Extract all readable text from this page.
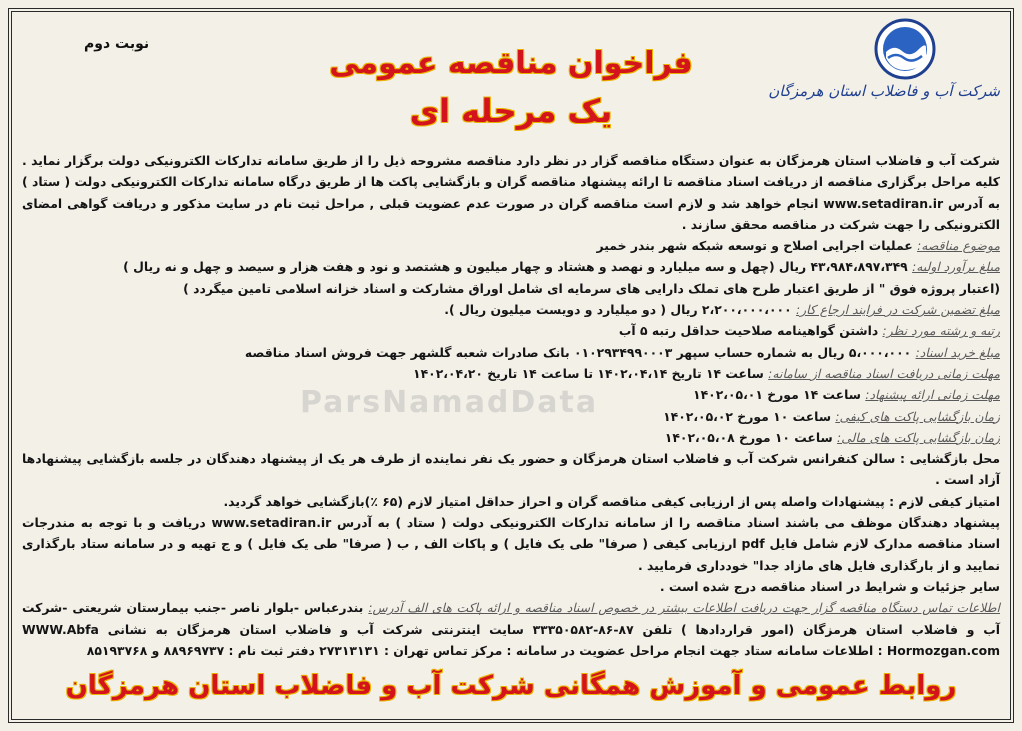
شرکت آب و فاضلاب استان هرمزگان
نوبت دوم
فراخوان مناقصه عمومی
یک مرحله ای

شرکت آب و فاضلاب استان هرمزگان به عنوان دستگاه مناقصه گزار در نظر دارد مناقصه مشروحه ذیل را از طریق سامانه تدارکات الکترونیکی دولت برگزار نماید . کلیه مراحل برگزاری مناقصه از دریافت اسناد مناقصه تا ارائه پیشنهاد مناقصه گران و بازگشایی پاکت ها از طریق درگاه سامانه تدارکات الکترونیکی دولت ( ستاد ) به آدرس www.setadiran.ir انجام خواهد شد و لازم است مناقصه گران در صورت عدم عضویت قبلی , مراحل ثبت نام در سایت مذکور و دریافت گواهی امضای الکترونیکی را جهت شرکت در مناقصه محقق سازند .

موضوع مناقصه: عملیات اجرایی اصلاح و توسعه شبکه شهر بندر خمیر

مبلغ برآورد اولیه: ۴۳،۹۸۴،۸۹۷،۳۴۹ ریال (چهل و سه میلیارد و نهصد و هشتاد و چهار میلیون و هشتصد و نود و هفت هزار و سیصد و چهل و نه ریال )

(اعتبار پروژه فوق " از طریق اعتبار طرح های تملک دارایی های سرمایه ای شامل اوراق مشارکت و اسناد خزانه اسلامی تامین میگردد )

مبلغ تضمین شرکت در فرایند ارجاع کار: ۲،۲۰۰،۰۰۰،۰۰۰ ریال ( دو میلیارد و دویست میلیون ریال ).

رتبه و رشته مورد نظر: داشتن گواهینامه صلاحیت حداقل رتبه ۵ آب

مبلغ خرید اسناد: ۵،۰۰۰،۰۰۰ ریال به شماره حساب سپهر ۰۱۰۲۹۳۴۹۹۰۰۰۳ بانک صادرات شعبه گلشهر جهت فروش اسناد مناقصه

مهلت زمانی دریافت اسناد مناقصه از سامانه: ساعت ۱۴ تاریخ ۱۴۰۲،۰۴،۱۴ تا ساعت ۱۴ تاریخ ۱۴۰۲،۰۴،۲۰

مهلت زمانی ارائه پیشنهاد: ساعت ۱۴ مورخ ۱۴۰۲،۰۵،۰۱

زمان بازگشایی پاکت های کیفی: ساعت ۱۰ مورخ ۱۴۰۲،۰۵،۰۲

زمان بازگشایی پاکت های مالی: ساعت ۱۰ مورخ ۱۴۰۲،۰۵،۰۸

محل بازگشایی : سالن کنفرانس شرکت آب و فاضلاب استان هرمزگان و حضور یک نفر نماینده از طرف هر یک از پیشنهاد دهندگان در جلسه بازگشایی پیشنهادها آزاد است .

امتیاز کیفی لازم : پیشنهادات واصله پس از ارزیابی کیفی مناقصه گران و احراز حداقل امتیاز لازم (۶۵ ٪)بازگشایی خواهد گردید.

پیشنهاد دهندگان موظف می باشند اسناد مناقصه را از سامانه تدارکات الکترونیکی دولت ( ستاد ) به آدرس www.setadiran.ir دریافت و با توجه به مندرجات اسناد مناقصه مدارک لازم شامل فایل pdf ارزیابی کیفی ( صرفا" طی یک فایل ) و پاکات الف , ب ( صرفا" طی یک فایل ) و ج تهیه و در سامانه ستاد بارگذاری نمایید و از بارگذاری فایل های مازاد جدا" خودداری فرمایید .

سایر جزئیات و شرایط در اسناد مناقصه درج شده است .

اطلاعات تماس دستگاه مناقصه گزار جهت دریافت اطلاعات بیشتر در خصوص اسناد مناقصه و ارائه پاکت های الف آدرس: بندرعباس -بلوار ناصر -جنب بیمارستان شریعتی -شرکت آب و فاضلاب استان هرمزگان (امور قراردادها ) تلفن ۸۷-۸۶-۳۳۳۵۰۵۸۲ سایت اینترنتی شرکت آب و فاضلاب استان هرمزگان به نشانی WWW.Abfa Hormozgan.com : اطلاعات سامانه ستاد جهت انجام مراحل عضویت در سامانه : مرکز تماس تهران : ۲۷۳۱۳۱۳۱ دفتر ثبت نام : ۸۸۹۶۹۷۳۷ و ۸۵۱۹۳۷۶۸

ParsNamadData
روابط عمومی و آموزش همگانی شرکت آب و فاضلاب استان هرمزگان
